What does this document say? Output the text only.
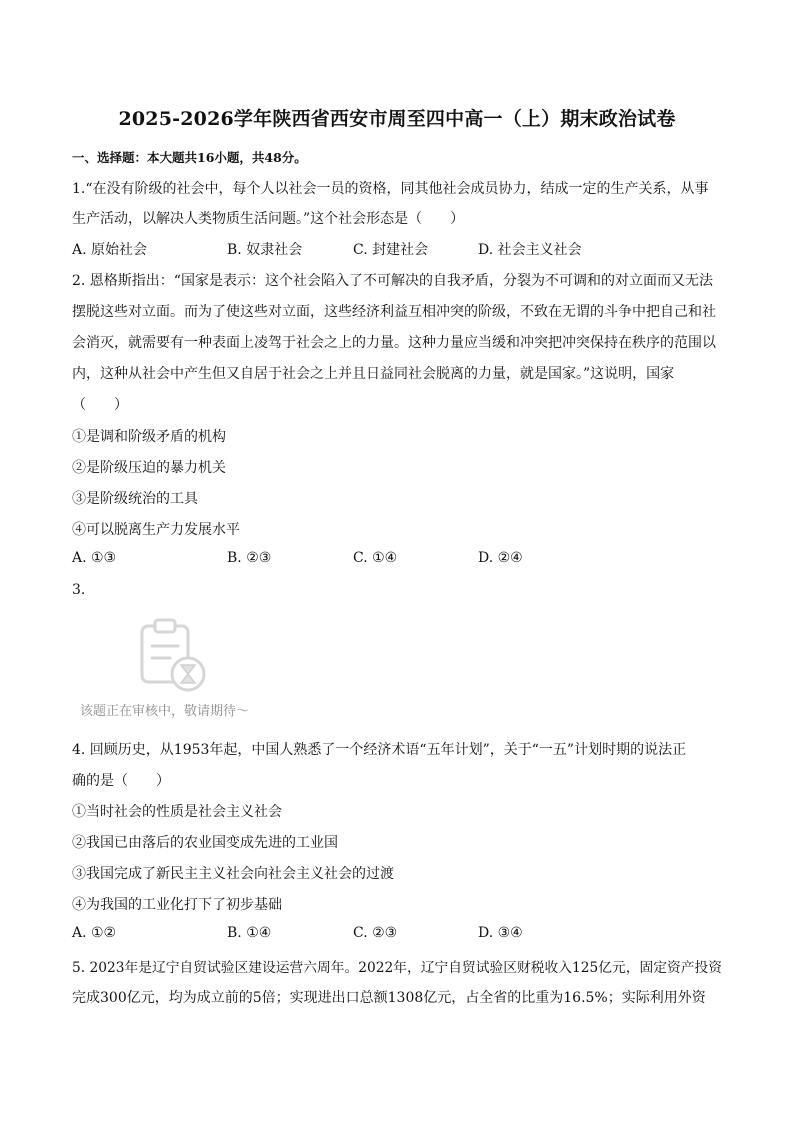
2025-2026学年陕西省西安市周至四中高一（上）期末政治试卷
一、选择题：本大题共16小题，共48分。
1.“在没有阶级的社会中，每个人以社会一员的资格，同其他社会成员协力，结成一定的生产关系，从事
生产活动，以解决人类物质生活问题。”这个社会形态是（　　）
A. 原始社会	B. 奴隶社会	C. 封建社会	D. 社会主义社会
2. 恩格斯指出：“国家是表示：这个社会陷入了不可解决的自我矛盾，分裂为不可调和的对立面而又无法
摆脱这些对立面。而为了使这些对立面，这些经济利益互相冲突的阶级，不致在无谓的斗争中把自己和社
会消灭，就需要有一种表面上凌驾于社会之上的力量。这种力量应当缓和冲突把冲突保持在秩序的范围以
内，这种从社会中产生但又自居于社会之上并且日益同社会脱离的力量，就是国家。”这说明，国家
（　　）
①是调和阶级矛盾的机构
②是阶级压迫的暴力机关
③是阶级统治的工具
④可以脱离生产力发展水平
A. ①③	B. ②③	C. ①④	D. ②④
3.
该题正在审核中，敬请期待～
4. 回顾历史，从1953年起，中国人熟悉了一个经济术语“五年计划”，关于“一五”计划时期的说法正
确的是（　　）
①当时社会的性质是社会主义社会
②我国已由落后的农业国变成先进的工业国
③我国完成了新民主主义社会向社会主义社会的过渡
④为我国的工业化打下了初步基础
A. ①②	B. ①④	C. ②③	D. ③④
5. 2023年是辽宁自贸试验区建设运营六周年。2022年，辽宁自贸试验区财税收入125亿元，固定资产投资
完成300亿元，均为成立前的5倍；实现进出口总额1308亿元，占全省的比重为16.5%；实际利用外资
